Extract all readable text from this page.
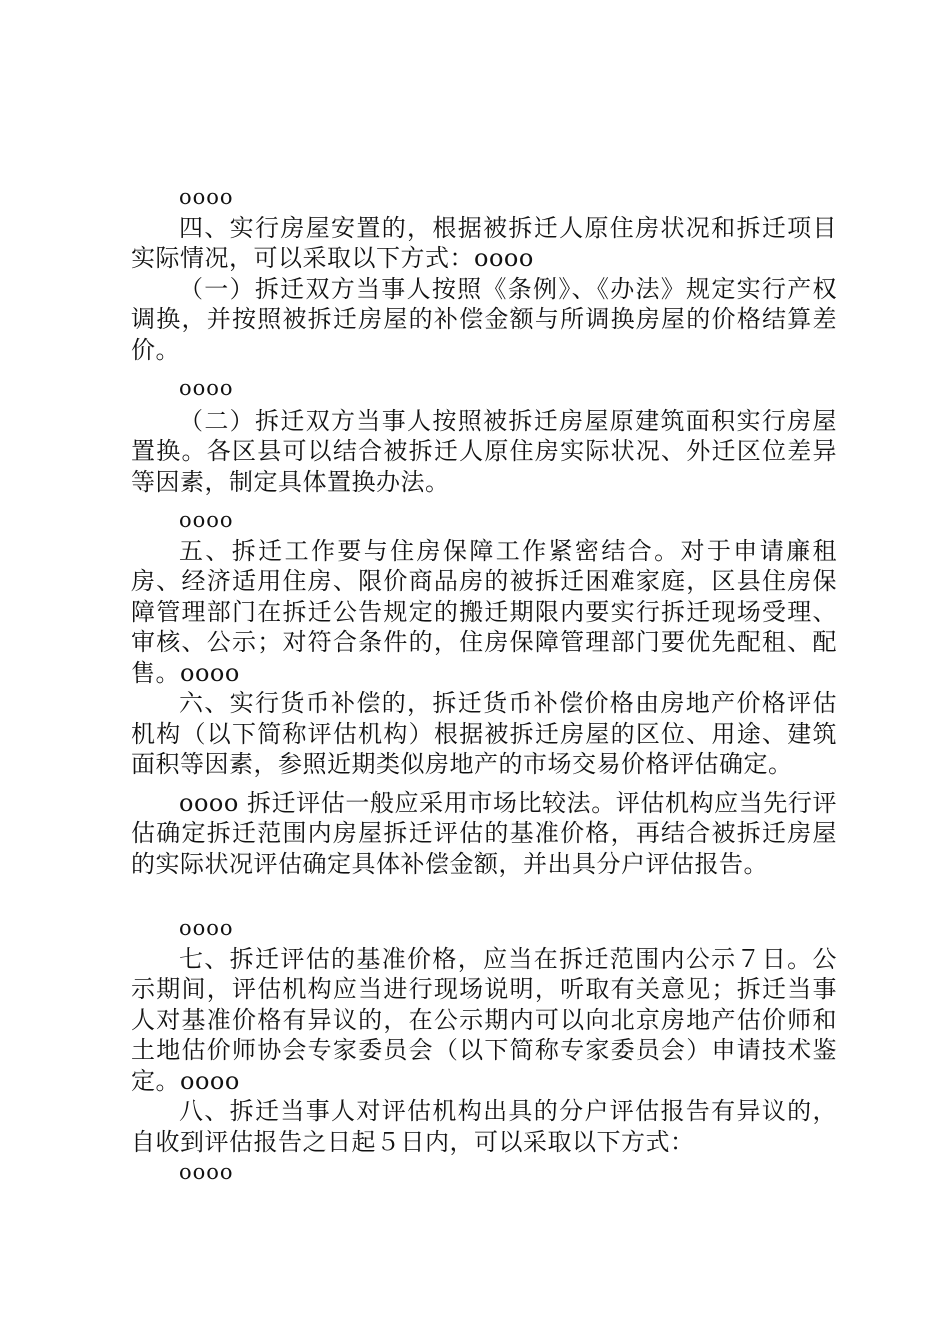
oooo

四、实行房屋安置的，根据被拆迁人原住房状况和拆迁项目实际情况，可以采取以下方式：oooo

（一）拆迁双方当事人按照《条例》、《办法》规定实行产权调换，并按照被拆迁房屋的补偿金额与所调换房屋的价格结算差价。

oooo

（二）拆迁双方当事人按照被拆迁房屋原建筑面积实行房屋置换。各区县可以结合被拆迁人原住房实际状况、外迁区位差异等因素，制定具体置换办法。

oooo

五、拆迁工作要与住房保障工作紧密结合。对于申请廉租房、经济适用住房、限价商品房的被拆迁困难家庭，区县住房保障管理部门在拆迁公告规定的搬迁期限内要实行拆迁现场受理、审核、公示；对符合条件的，住房保障管理部门要优先配租、配售。oooo

六、实行货币补偿的，拆迁货币补偿价格由房地产价格评估机构（以下简称评估机构）根据被拆迁房屋的区位、用途、建筑面积等因素，参照近期类似房地产的市场交易价格评估确定。

oooo 拆迁评估一般应采用市场比较法。评估机构应当先行评估确定拆迁范围内房屋拆迁评估的基准价格，再结合被拆迁房屋的实际状况评估确定具体补偿金额，并出具分户评估报告。

oooo

七、拆迁评估的基准价格，应当在拆迁范围内公示７日。公示期间，评估机构应当进行现场说明，听取有关意见；拆迁当事人对基准价格有异议的，在公示期内可以向北京房地产估价师和土地估价师协会专家委员会（以下简称专家委员会）申请技术鉴定。oooo

八、拆迁当事人对评估机构出具的分户评估报告有异议的，自收到评估报告之日起５日内，可以采取以下方式：

oooo
